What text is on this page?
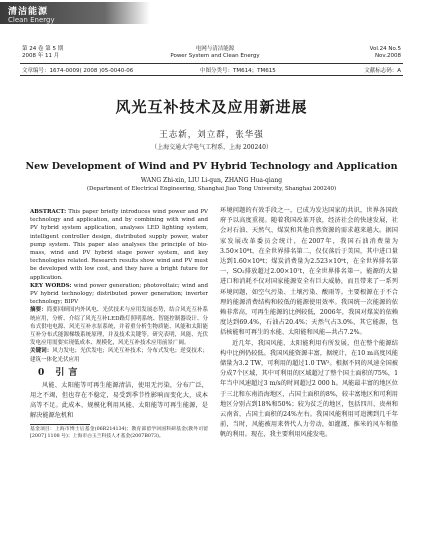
清洁能源
Clean Energy
第 24 卷 第 5 期
2008 年 11 月
电网与清洁能源
Power System and Clean Energy
Vol.24 No.5
Nov.2008
文章编号：1674-0009( 2008 )05-0040-06	中图分类号：TM614；TM615	文献标志码：A
风光互补技术及应用新进展
王志新，刘立群，张华强
（上海交通大学电气工程系，上海 200240）
New Development of Wind and PV Hybrid Technology and Application
WANG Zhi-xin, LIU Li-qun, ZHANG Hua-qiang
(Department of Electrical Engineering, Shanghai Jiao Tong University, Shanghai 200240)

ABSTRACT: This paper briefly introduces wind power and PV technology and application, and by combining with wind and PV hybrid system application, analyses LED lighting system, intelligent controller design, distributed supply power, water pump system. This paper also analyses the principle of bio-mass, wind and PV hybrid stage power system, and key technologies related. Research results show wind and PV must be developed with low cost, and they have a bright future for application.

KEY WORDS: wind power generation; photovoltaic; wind and PV hybrid technology; distributed power generation; inverter technology; BIPV

摘要：简要回顾国内外风电、光伏技术与应用发展态势，结合风光互补系统应用，分析、介绍了风光互补LED路灯照明系统、智能控制器设计、分布式供电电源、风光互补水泵系统，并着重分析生物质能、风能和太阳能互补分布式能源梯级系统原理，并及技术关键等。研究表明，风能、光伏发电应用需要实现低成本、规模化，风光互补技术应用前景广阔。

关键词：风力发电；光伏发电；风光互补技术；分布式发电；逆变技术；建筑一体化光伏应用

0 引言

风能、太阳能等可再生能源清洁，使用无污染，分布广泛，用之不竭，但也存在不稳定，易受到季节性影响而变化大，成本高等不足。此成本、规模化利用风能、太阳能等可再生能源，是解决能源危机和

基金项目：上海市博士后基金(06R214134)；教育部留学回国科研基金(教外司留 [2007] 1108 号)；上海市白玉兰科技人才基金(2007B073)。

环境问题的有效手段之一，已成为发达国家的共识，世界各国政府予以高度重视。随着我国改革开放，经济社会的快速发展，社会对石油、天然气、煤炭和其他自然资源的需求越来越大。据国家发展改革委员会统计，在2007年，我国石油消费量为3.50×10⁸t，在全世界排名第二，仅仅落后于美国，其中进口量达到1.60×10⁸t；煤炭消费量为2.523×10⁹t，在全世界排名第一，SO₂排放超过2.00×10⁷t，在全世界排名第一。能源的大量进口和消耗不仅对国家能源安全有巨大威胁，而且带来了一系列环境问题，如空气污染、土壤污染、酸雨等。主要根源在于不合理的能源消费结构和较低的能源使用效率。我国统一次能源的依赖非常高，可再生能源的比例较低，2006年，我国对煤炭的依赖度达到69.4%，石油占20.4%；天然气占3.0%，其它能源，包括核能和可再生的水能、太阳能和风能—共占7.2%。

近几年，我国风能、太阳能利用有所发展，但在整个能源结构中比例仍较低。我国风能资源丰富，据统计，在10 m高度风能储量为3.2 TW，可利用的超过1.0 TW²。根据不同的风速全国被分成7个区域，其中可利用的区域超过了整个国土面积的75%，1年当中风速超过3 m/s的时间超过2 000 h。风能最丰富的地区位于三北和东南沿海地区，占国土面积的8%，较丰富地区和可利用地区分别占到18%和50%；较为贫乏的地区，包括四川、贵州和云南省，占国土面积的24%左右。我国风能利用可追溯到几千年前，当时，风能被用来替代人力劳动，如灌溉、推米的风车和船帆的利用。现在，我主要利用风能发电。
